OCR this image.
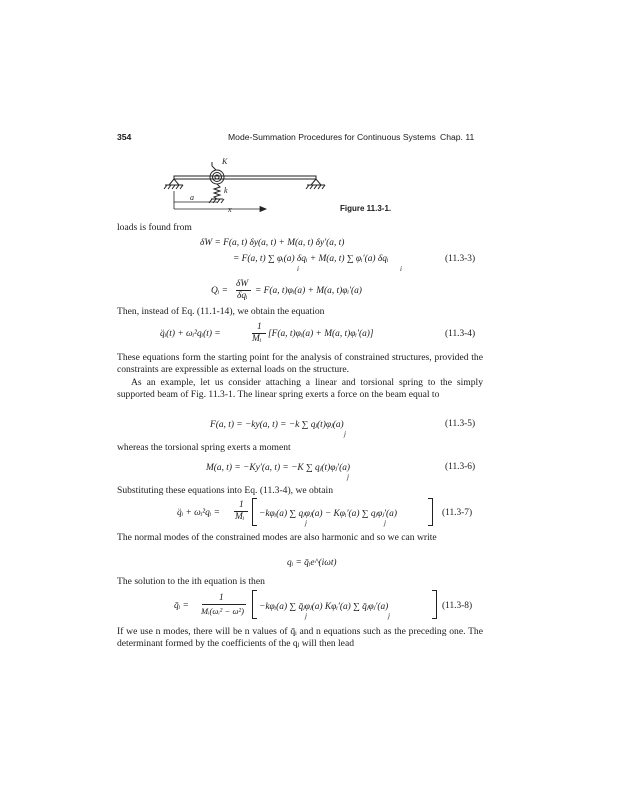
354	Mode-Summation Procedures for Continuous Systems Chap. 11
K
k
a
x	Figure 11.3-1.
loads is found from
δW = F(a, t) δy(a, t) + M(a, t) δy′(a, t)
= F(a, t) ∑ φᵢ(a) δqᵢ + M(a, t) ∑ φᵢ′(a) δqᵢ
i	i
(11.3-3)
Qᵢ =
δW
δqᵢ = F(a, t)φᵢ(a) + M(a, t)φᵢ′(a)
Then, instead of Eq. (11.1-14), we obtain the equation
q̈ᵢ(t) + ωᵢ²qᵢ(t) =
1
Mᵢ [F(a, t)φᵢ(a) + M(a, t)φᵢ′(a)]	(11.3-4)
These equations form the starting point for the analysis of constrained structures, provided the constraints are expressible as external loads on the structure.
As an example, let us consider attaching a linear and torsional spring to the simply supported beam of Fig. 11.3-1. The linear spring exerts a force on the beam equal to
F(a, t) = −ky(a, t) = −k ∑ qⱼ(t)φⱼ(a)
j
(11.3-5)
whereas the torsional spring exerts a moment
M(a, t) = −Ky′(a, t) = −K ∑ qⱼ(t)φⱼ′(a)
j
(11.3-6)
Substituting these equations into Eq. (11.3-4), we obtain
q̈ᵢ + ωᵢ²qᵢ =
1
Mᵢ −kφᵢ(a) ∑ qⱼφⱼ(a) − Kφᵢ′(a) ∑ qⱼφⱼ′(a)
j	j
(11.3-7)
The normal modes of the constrained modes are also harmonic and so we can write
qᵢ = q̄ᵢe^(iωt)
The solution to the ith equation is then
q̄ᵢ =
1
Mᵢ(ωᵢ² − ω²) −kφᵢ(a) ∑ q̄ⱼφⱼ(a) Kφᵢ′(a) ∑ q̄ⱼφⱼ′(a)
j	j
(11.3-8)
If we use n modes, there will be n values of q̄ᵢ and n equations such as the preceding one. The determinant formed by the coefficients of the qⱼ will then lead
